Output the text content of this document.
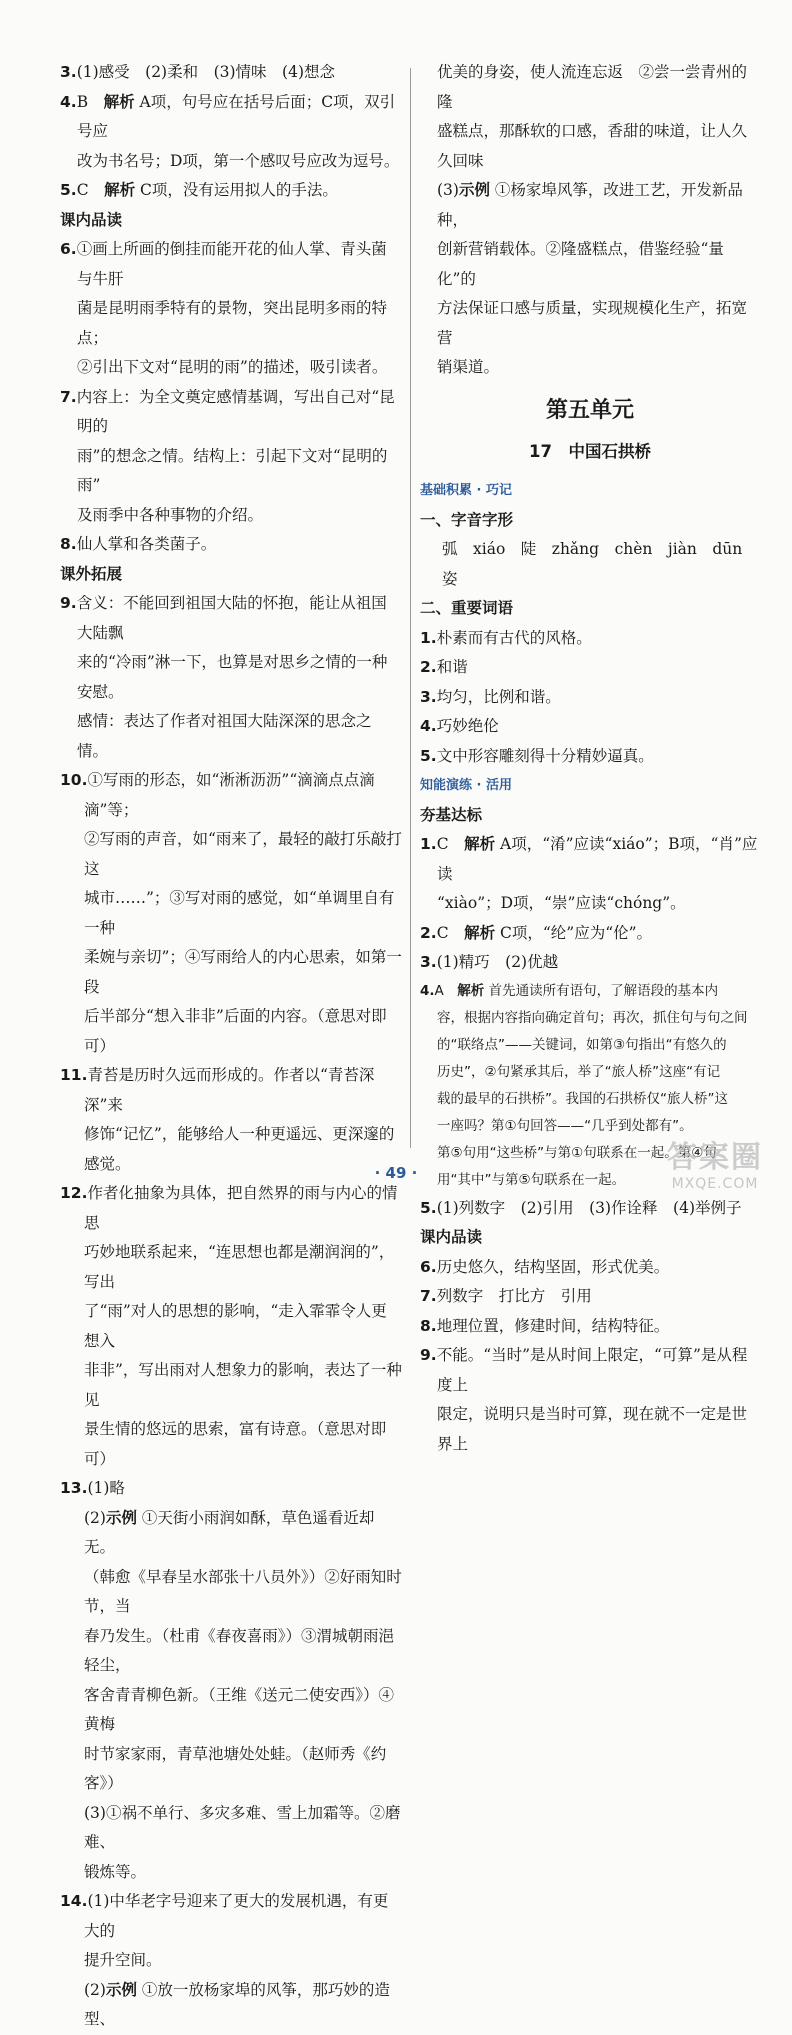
3.(1)感受　(2)柔和　(3)情味　(4)想念

4.B　解析 A项，句号应在括号后面；C项，双引号应
改为书名号；D项，第一个感叹号应改为逗号。

5.C　解析 C项，没有运用拟人的手法。

课内品读

6.①画上所画的倒挂而能开花的仙人掌、青头菌与牛肝
菌是昆明雨季特有的景物，突出昆明多雨的特点；
②引出下文对“昆明的雨”的描述，吸引读者。

7.内容上：为全文奠定感情基调，写出自己对“昆明的
雨”的想念之情。结构上：引起下文对“昆明的雨”
及雨季中各种事物的介绍。

8.仙人掌和各类菌子。

课外拓展

9.含义：不能回到祖国大陆的怀抱，能让从祖国大陆飘
来的“冷雨”淋一下，也算是对思乡之情的一种安慰。
感情：表达了作者对祖国大陆深深的思念之情。

10.①写雨的形态，如“淅淅沥沥”“滴滴点点滴滴”等；
②写雨的声音，如“雨来了，最轻的敲打乐敲打这
城市……”；③写对雨的感觉，如“单调里自有一种
柔婉与亲切”；④写雨给人的内心思索，如第一段
后半部分“想入非非”后面的内容。（意思对即可）

11.青苔是历时久远而形成的。作者以“青苔深深”来
修饰“记忆”，能够给人一种更遥远、更深邃的感觉。

12.作者化抽象为具体，把自然界的雨与内心的情思
巧妙地联系起来，“连思想也都是潮润润的”，写出
了“雨”对人的思想的影响，“走入霏霏令人更想入
非非”，写出雨对人想象力的影响，表达了一种见
景生情的悠远的思索，富有诗意。（意思对即可）

13.(1)略

(2)示例 ①天街小雨润如酥，草色遥看近却无。
（韩愈《早春呈水部张十八员外》）②好雨知时节，当
春乃发生。（杜甫《春夜喜雨》）③渭城朝雨浥轻尘，
客舍青青柳色新。（王维《送元二使安西》）④黄梅
时节家家雨，青草池塘处处蛙。（赵师秀《约客》）

(3)①祸不单行、多灾多难、雪上加霜等。②磨难、
锻炼等。

14.(1)中华老字号迎来了更大的发展机遇，有更大的
提升空间。

(2)示例 ①放一放杨家埠的风筝，那巧妙的造型、

优美的身姿，使人流连忘返　②尝一尝青州的隆
盛糕点，那酥软的口感，香甜的味道，让人久久回味

(3)示例 ①杨家埠风筝，改进工艺，开发新品种，
创新营销载体。②隆盛糕点，借鉴经验“量化”的
方法保证口感与质量，实现规模化生产，拓宽营
销渠道。

第五单元

17　中国石拱桥

基础积累 · 巧记

一、字音字形

弧　xiáo　陡　zhǎng　chèn　jiàn　dūn　姿

二、重要词语

1.朴素而有古代的风格。

2.和谐

3.均匀，比例和谐。

4.巧妙绝伦

5.文中形容雕刻得十分精妙逼真。

知能演练 · 活用

夯基达标

1.C　解析 A项，“淆”应读“xiáo”；B项，“肖”应读
“xiào”；D项，“崇”应读“chóng”。

2.C　解析 C项，“纶”应为“伦”。

3.(1)精巧　(2)优越

4.A　解析 首先通读所有语句，了解语段的基本内
容，根据内容指向确定首句；再次，抓住句与句之间
的“联络点”——关键词，如第③句指出“有悠久的
历史”，②句紧承其后，举了“旅人桥”这座“有记
载的最早的石拱桥”。我国的石拱桥仅“旅人桥”这
一座吗？第①句回答——“几乎到处都有”。
第⑤句用“这些桥”与第①句联系在一起。第④句
用“其中”与第⑤句联系在一起。

5.(1)列数字　(2)引用　(3)作诠释　(4)举例子

课内品读

6.历史悠久，结构坚固，形式优美。

7.列数字　打比方　引用

8.地理位置，修建时间，结构特征。

9.不能。“当时”是从时间上限定，“可算”是从程度上
限定，说明只是当时可算，现在就不一定是世界上

· 49 ·	答案圈
MXQE.COM
